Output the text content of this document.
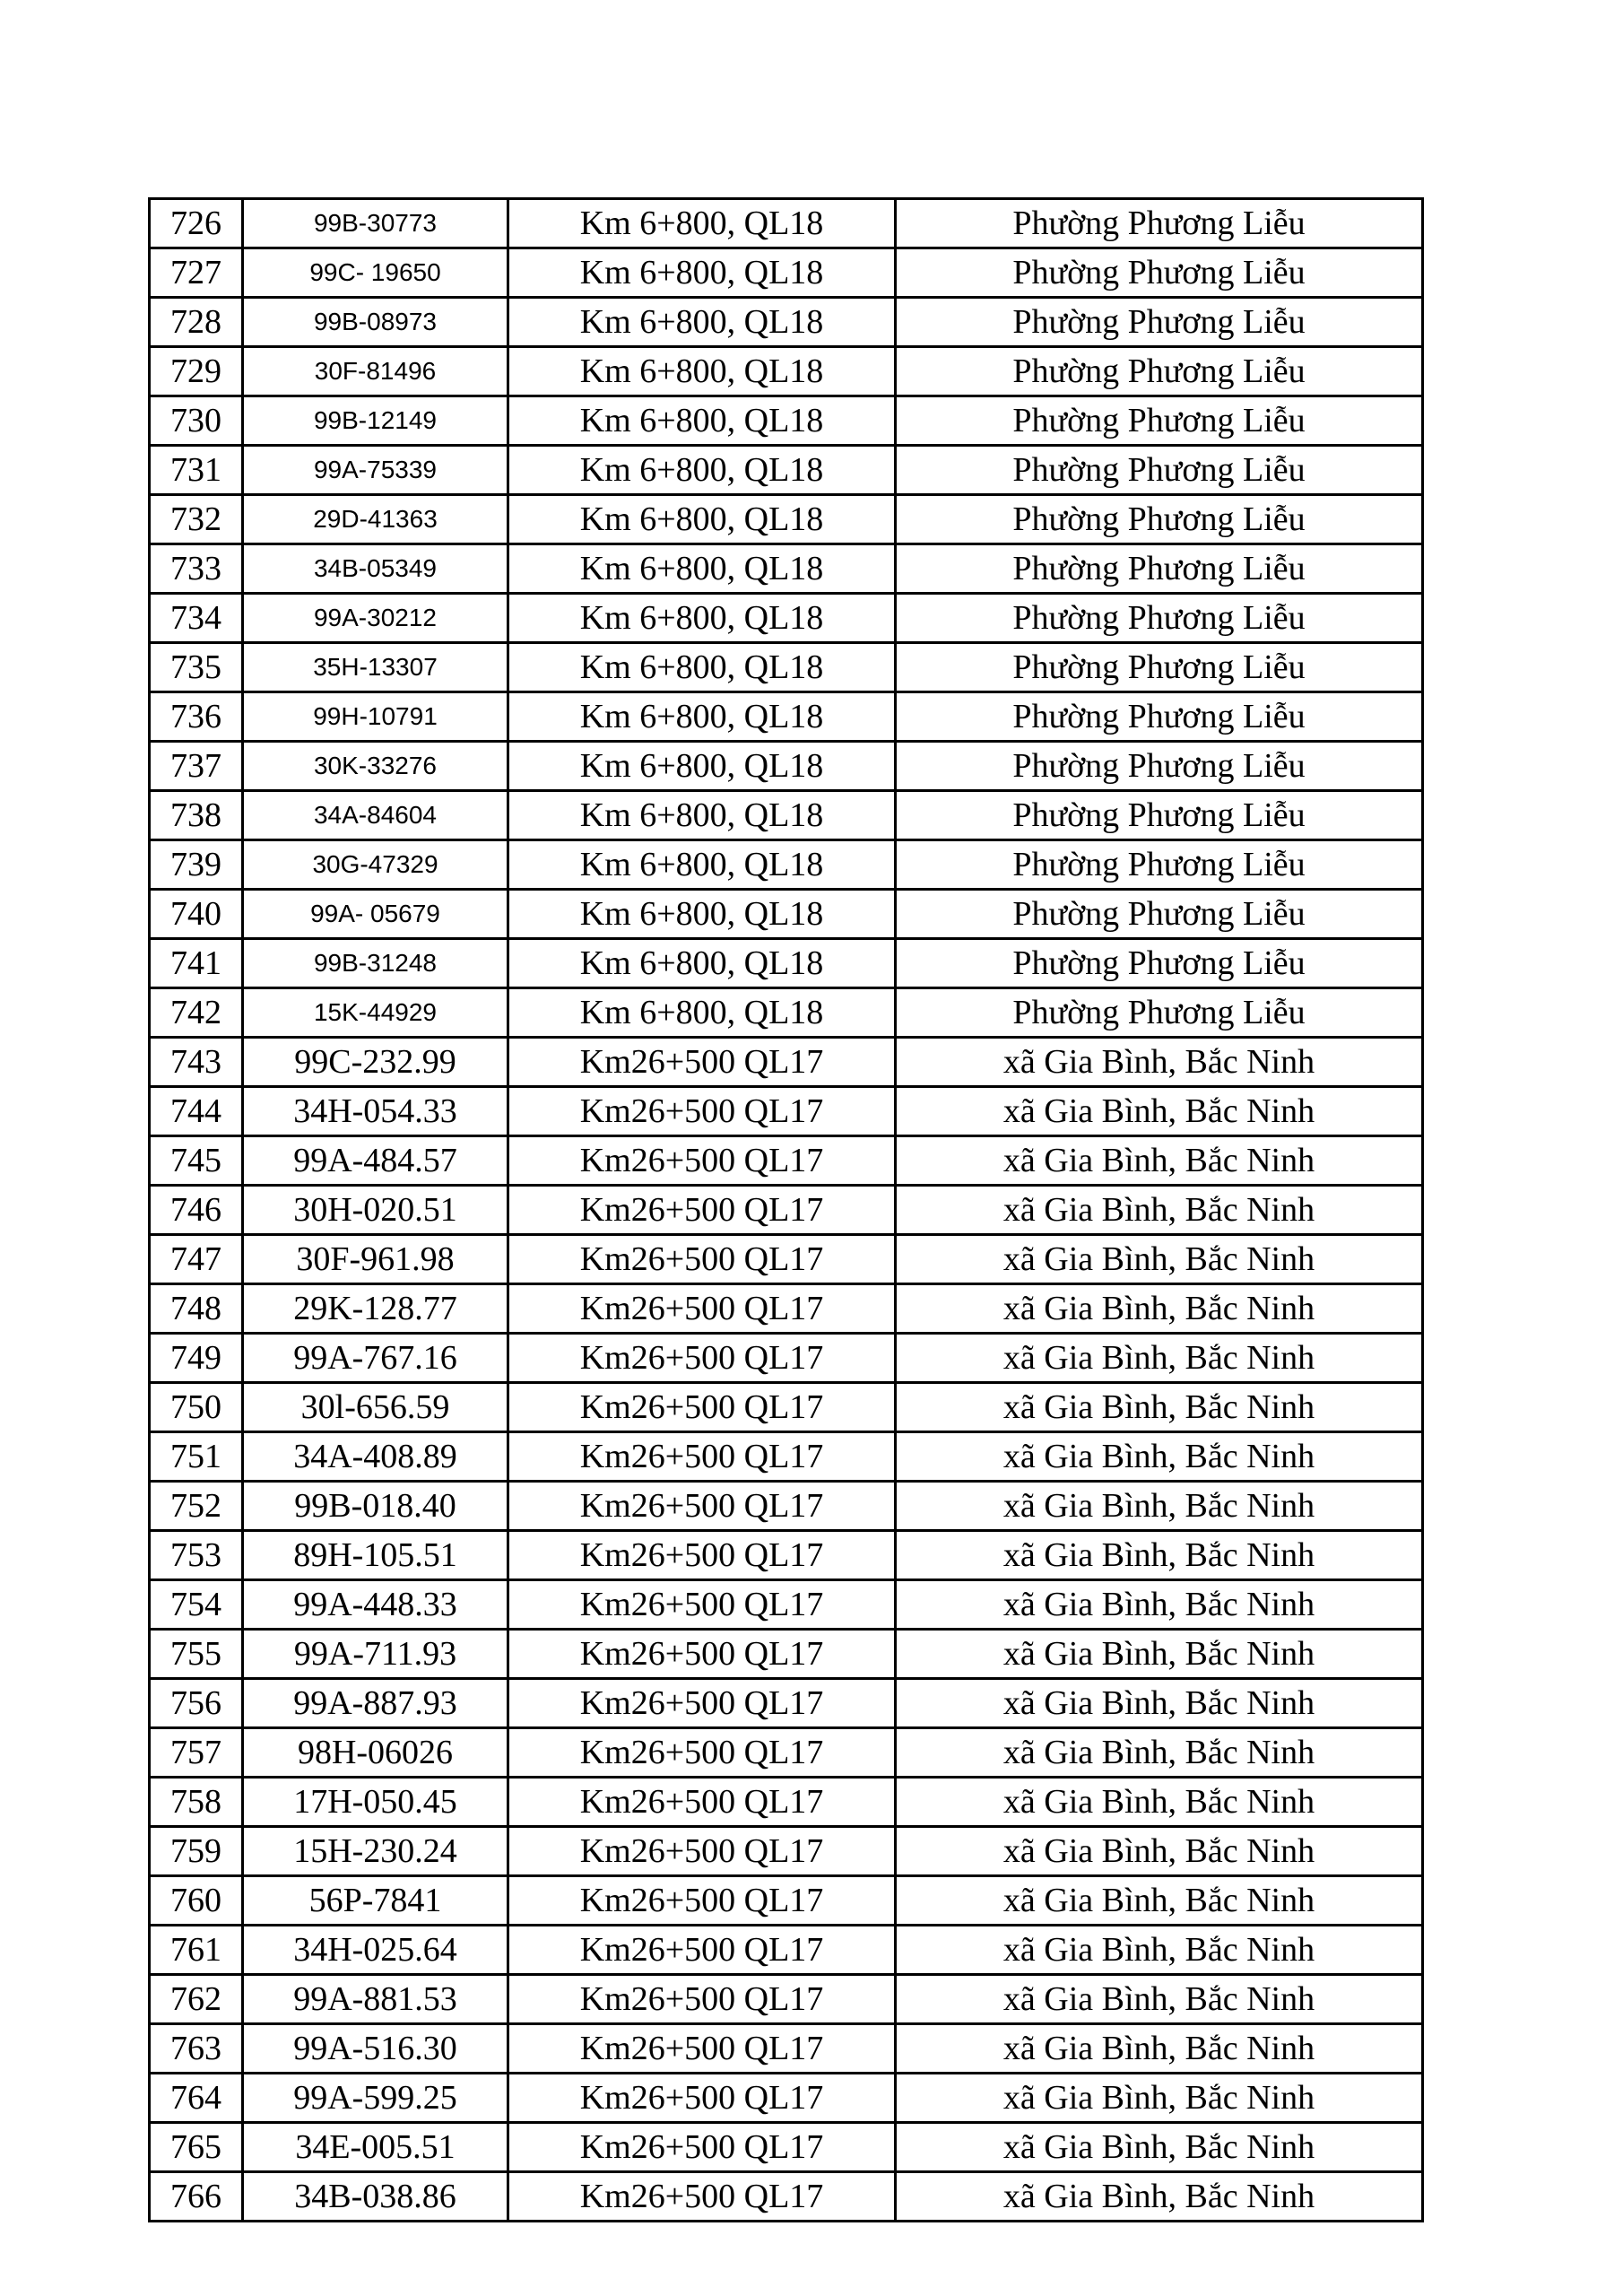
726	99B-30773	Km 6+800, QL18	Phường Phương Liễu
727	99C- 19650	Km 6+800, QL18	Phường Phương Liễu
728	99B-08973	Km 6+800, QL18	Phường Phương Liễu
729	30F-81496	Km 6+800, QL18	Phường Phương Liễu
730	99B-12149	Km 6+800, QL18	Phường Phương Liễu
731	99A-75339	Km 6+800, QL18	Phường Phương Liễu
732	29D-41363	Km 6+800, QL18	Phường Phương Liễu
733	34B-05349	Km 6+800, QL18	Phường Phương Liễu
734	99A-30212	Km 6+800, QL18	Phường Phương Liễu
735	35H-13307	Km 6+800, QL18	Phường Phương Liễu
736	99H-10791	Km 6+800, QL18	Phường Phương Liễu
737	30K-33276	Km 6+800, QL18	Phường Phương Liễu
738	34A-84604	Km 6+800, QL18	Phường Phương Liễu
739	30G-47329	Km 6+800, QL18	Phường Phương Liễu
740	99A- 05679	Km 6+800, QL18	Phường Phương Liễu
741	99B-31248	Km 6+800, QL18	Phường Phương Liễu
742	15K-44929	Km 6+800, QL18	Phường Phương Liễu
743	99C-232.99	Km26+500 QL17	xã Gia Bình, Bắc Ninh
744	34H-054.33	Km26+500 QL17	xã Gia Bình, Bắc Ninh
745	99A-484.57	Km26+500 QL17	xã Gia Bình, Bắc Ninh
746	30H-020.51	Km26+500 QL17	xã Gia Bình, Bắc Ninh
747	30F-961.98	Km26+500 QL17	xã Gia Bình, Bắc Ninh
748	29K-128.77	Km26+500 QL17	xã Gia Bình, Bắc Ninh
749	99A-767.16	Km26+500 QL17	xã Gia Bình, Bắc Ninh
750	30l-656.59	Km26+500 QL17	xã Gia Bình, Bắc Ninh
751	34A-408.89	Km26+500 QL17	xã Gia Bình, Bắc Ninh
752	99B-018.40	Km26+500 QL17	xã Gia Bình, Bắc Ninh
753	89H-105.51	Km26+500 QL17	xã Gia Bình, Bắc Ninh
754	99A-448.33	Km26+500 QL17	xã Gia Bình, Bắc Ninh
755	99A-711.93	Km26+500 QL17	xã Gia Bình, Bắc Ninh
756	99A-887.93	Km26+500 QL17	xã Gia Bình, Bắc Ninh
757	98H-06026	Km26+500 QL17	xã Gia Bình, Bắc Ninh
758	17H-050.45	Km26+500 QL17	xã Gia Bình, Bắc Ninh
759	15H-230.24	Km26+500 QL17	xã Gia Bình, Bắc Ninh
760	56P-7841	Km26+500 QL17	xã Gia Bình, Bắc Ninh
761	34H-025.64	Km26+500 QL17	xã Gia Bình, Bắc Ninh
762	99A-881.53	Km26+500 QL17	xã Gia Bình, Bắc Ninh
763	99A-516.30	Km26+500 QL17	xã Gia Bình, Bắc Ninh
764	99A-599.25	Km26+500 QL17	xã Gia Bình, Bắc Ninh
765	34E-005.51	Km26+500 QL17	xã Gia Bình, Bắc Ninh
766	34B-038.86	Km26+500 QL17	xã Gia Bình, Bắc Ninh
